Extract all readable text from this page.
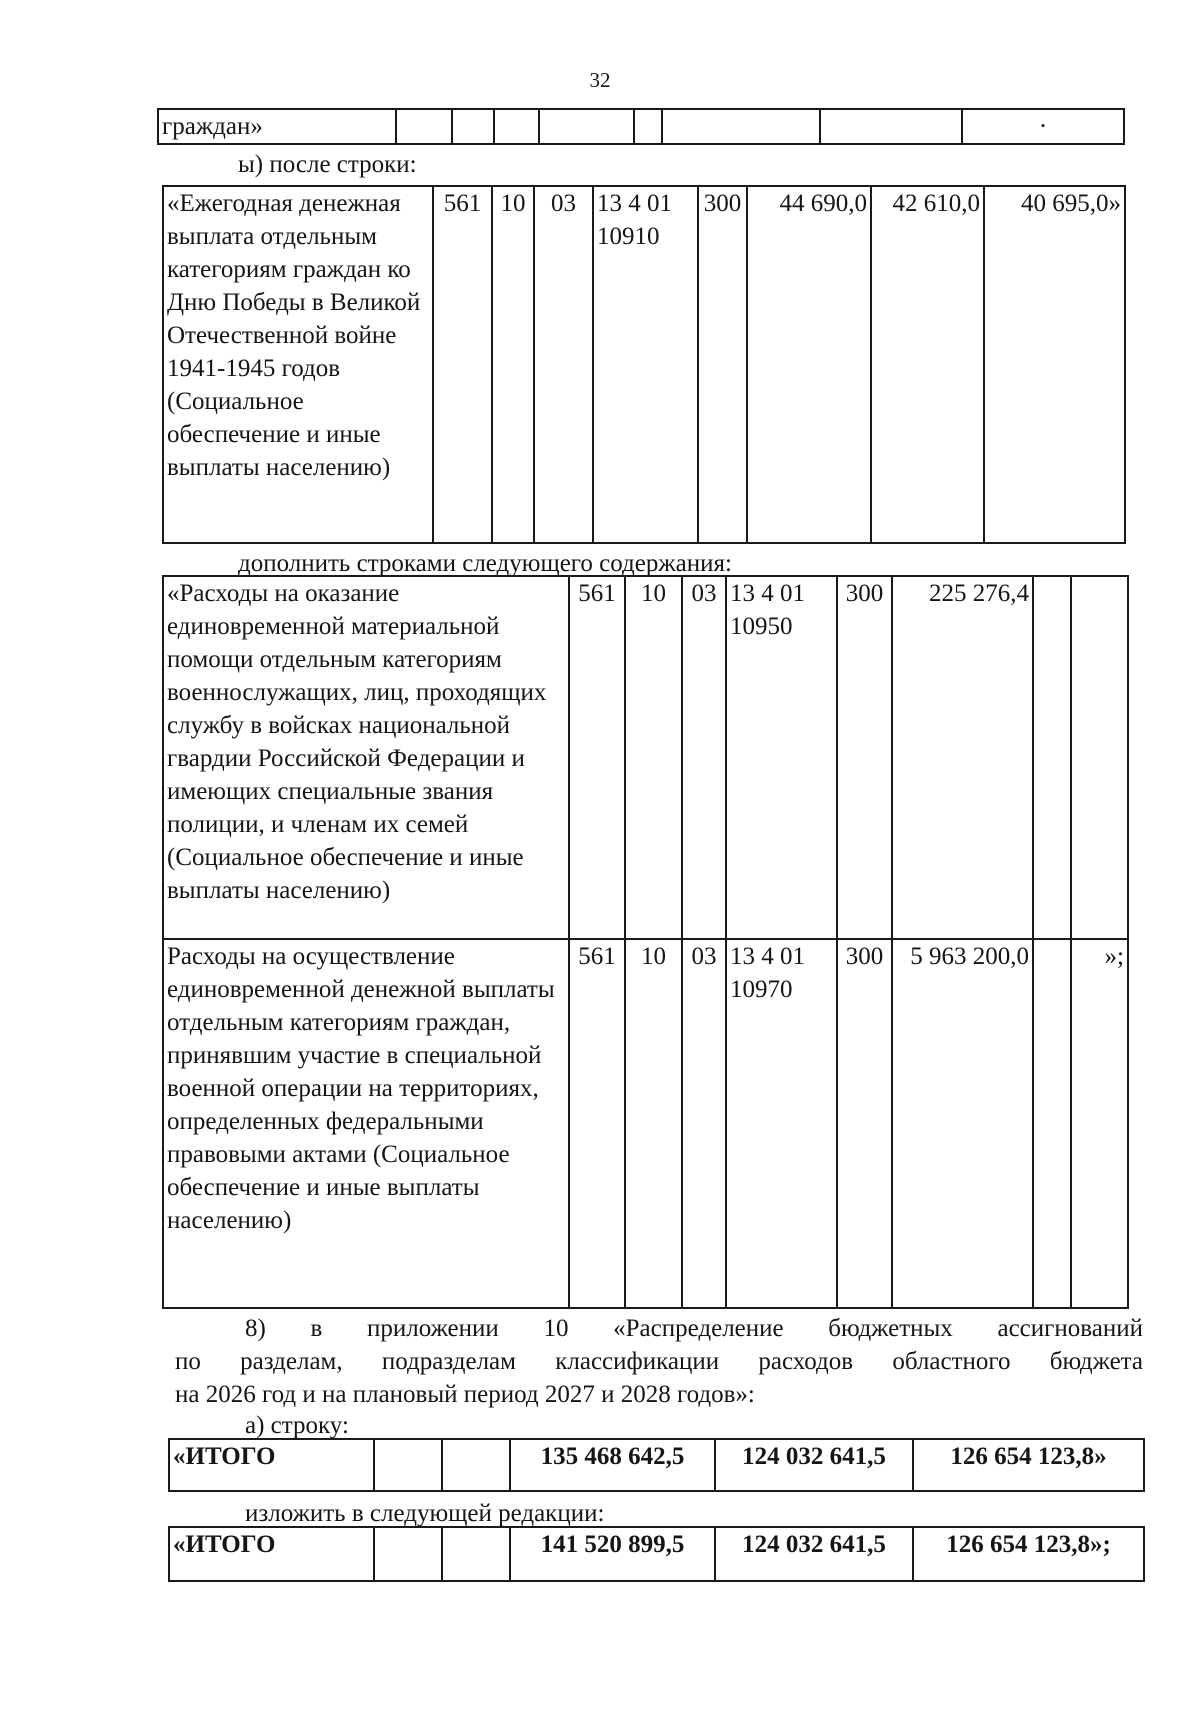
32
граждан»								·
ы) после строки:
«Ежегодная денежная выплата отдельным категориям граждан ко Дню Победы в Великой Отечественной войне 1941-1945 годов (Социальное обеспечение и иные выплаты населению)	561	10	03	13 4 01
10910
	300	44 690,0	42 610,0	40 695,0»
дополнить строками следующего содержания:
«Расходы на оказание единовременной материальной помощи отдельным категориям военнослужащих, лиц, проходящих службу в войсках национальной гвардии Российской Федерации и имеющих специальные звания полиции, и членам их семей (Социальное обеспечение и иные выплаты населению)	561	10	03	13 4 01
10950	300	225 276,4		
Расходы на осуществление единовременной денежной выплаты отдельным категориям граждан, принявшим участие в специальной военной операции на территориях, определенных федеральными правовыми актами (Социальное обеспечение и иные выплаты населению)	561	10	03	13 4 01
10970	300	5 963 200,0		»;
8) в приложении 10 «Распределение бюджетных ассигнований
по разделам, подразделам классификации расходов областного бюджета
на 2026 год и на плановый период 2027 и 2028 годов»:
а) строку:
«ИТОГО			135 468 642,5	124 032 641,5	126 654 123,8»
изложить в следующей редакции:
«ИТОГО			141 520 899,5	124 032 641,5	126 654 123,8»;
